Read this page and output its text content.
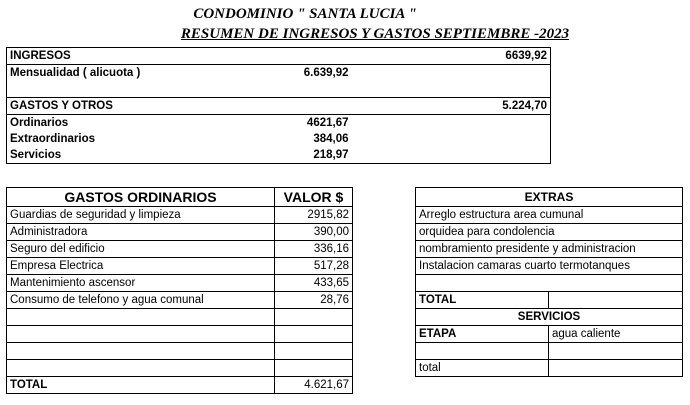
CONDOMINIO " SANTA LUCIA "
RESUMEN DE INGRESOS Y GASTOS SEPTIEMBRE -2023
INGRESOS		6639,92
Mensualidad ( alicuota )	6.639,92	

GASTOS Y OTROS		5.224,70
Ordinarios	4621,67	
Extraordinarios	384,06	
Servicios	218,97	
GASTOS ORDINARIOS	VALOR $
Guardias de seguridad y limpieza	2915,82
Administradora	390,00
Seguro del edificio	336,16
Empresa Electrica	517,28
Mantenimiento ascensor	433,65
Consumo de telefono y agua comunal	28,76

TOTAL	4.621,67
EXTRAS	
Arreglo estructura area cumunal	
orquidea para condolencia	
nombramiento presidente y administracion	
Instalacion camaras cuarto termotanques	

TOTAL	
SERVICIOS	
ETAPA	agua caliente

total	
